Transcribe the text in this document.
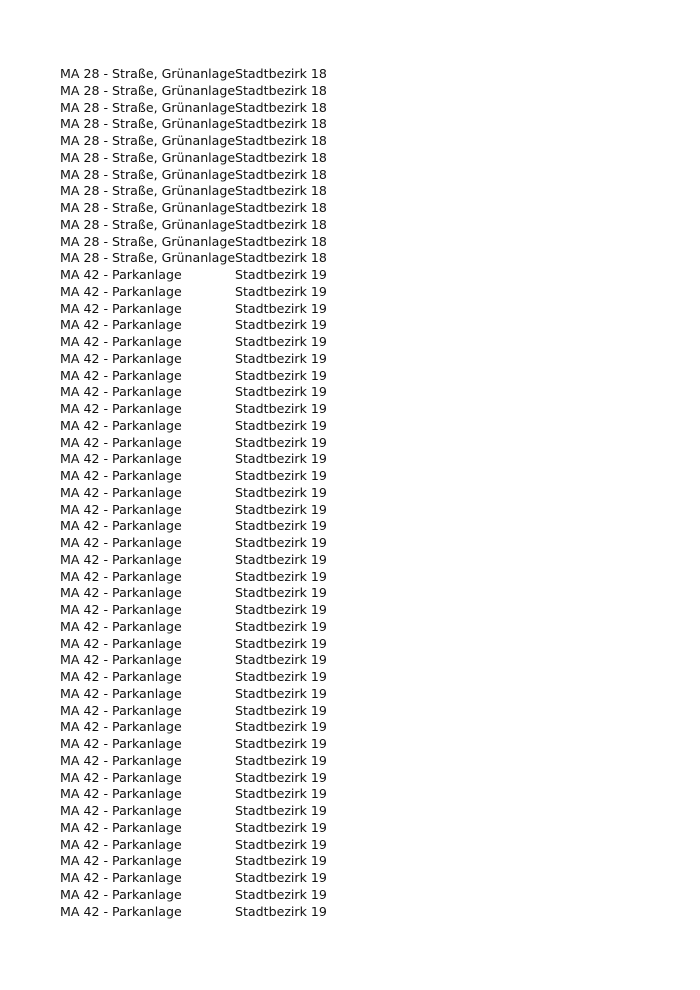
MA 28 - Straße, Grünanlage Stadtbezirk 18
MA 28 - Straße, Grünanlage Stadtbezirk 18
MA 28 - Straße, Grünanlage Stadtbezirk 18
MA 28 - Straße, Grünanlage Stadtbezirk 18
MA 28 - Straße, Grünanlage Stadtbezirk 18
MA 28 - Straße, Grünanlage Stadtbezirk 18
MA 28 - Straße, Grünanlage Stadtbezirk 18
MA 28 - Straße, Grünanlage Stadtbezirk 18
MA 28 - Straße, Grünanlage Stadtbezirk 18
MA 28 - Straße, Grünanlage Stadtbezirk 18
MA 28 - Straße, Grünanlage Stadtbezirk 18
MA 28 - Straße, Grünanlage Stadtbezirk 18
MA 42 - Parkanlage	Stadtbezirk 19
MA 42 - Parkanlage	Stadtbezirk 19
MA 42 - Parkanlage	Stadtbezirk 19
MA 42 - Parkanlage	Stadtbezirk 19
MA 42 - Parkanlage	Stadtbezirk 19
MA 42 - Parkanlage	Stadtbezirk 19
MA 42 - Parkanlage	Stadtbezirk 19
MA 42 - Parkanlage	Stadtbezirk 19
MA 42 - Parkanlage	Stadtbezirk 19
MA 42 - Parkanlage	Stadtbezirk 19
MA 42 - Parkanlage	Stadtbezirk 19
MA 42 - Parkanlage	Stadtbezirk 19
MA 42 - Parkanlage	Stadtbezirk 19
MA 42 - Parkanlage	Stadtbezirk 19
MA 42 - Parkanlage	Stadtbezirk 19
MA 42 - Parkanlage	Stadtbezirk 19
MA 42 - Parkanlage	Stadtbezirk 19
MA 42 - Parkanlage	Stadtbezirk 19
MA 42 - Parkanlage	Stadtbezirk 19
MA 42 - Parkanlage	Stadtbezirk 19
MA 42 - Parkanlage	Stadtbezirk 19
MA 42 - Parkanlage	Stadtbezirk 19
MA 42 - Parkanlage	Stadtbezirk 19
MA 42 - Parkanlage	Stadtbezirk 19
MA 42 - Parkanlage	Stadtbezirk 19
MA 42 - Parkanlage	Stadtbezirk 19
MA 42 - Parkanlage	Stadtbezirk 19
MA 42 - Parkanlage	Stadtbezirk 19
MA 42 - Parkanlage	Stadtbezirk 19
MA 42 - Parkanlage	Stadtbezirk 19
MA 42 - Parkanlage	Stadtbezirk 19
MA 42 - Parkanlage	Stadtbezirk 19
MA 42 - Parkanlage	Stadtbezirk 19
MA 42 - Parkanlage	Stadtbezirk 19
MA 42 - Parkanlage	Stadtbezirk 19
MA 42 - Parkanlage	Stadtbezirk 19
MA 42 - Parkanlage	Stadtbezirk 19
MA 42 - Parkanlage	Stadtbezirk 19
MA 42 - Parkanlage	Stadtbezirk 19
